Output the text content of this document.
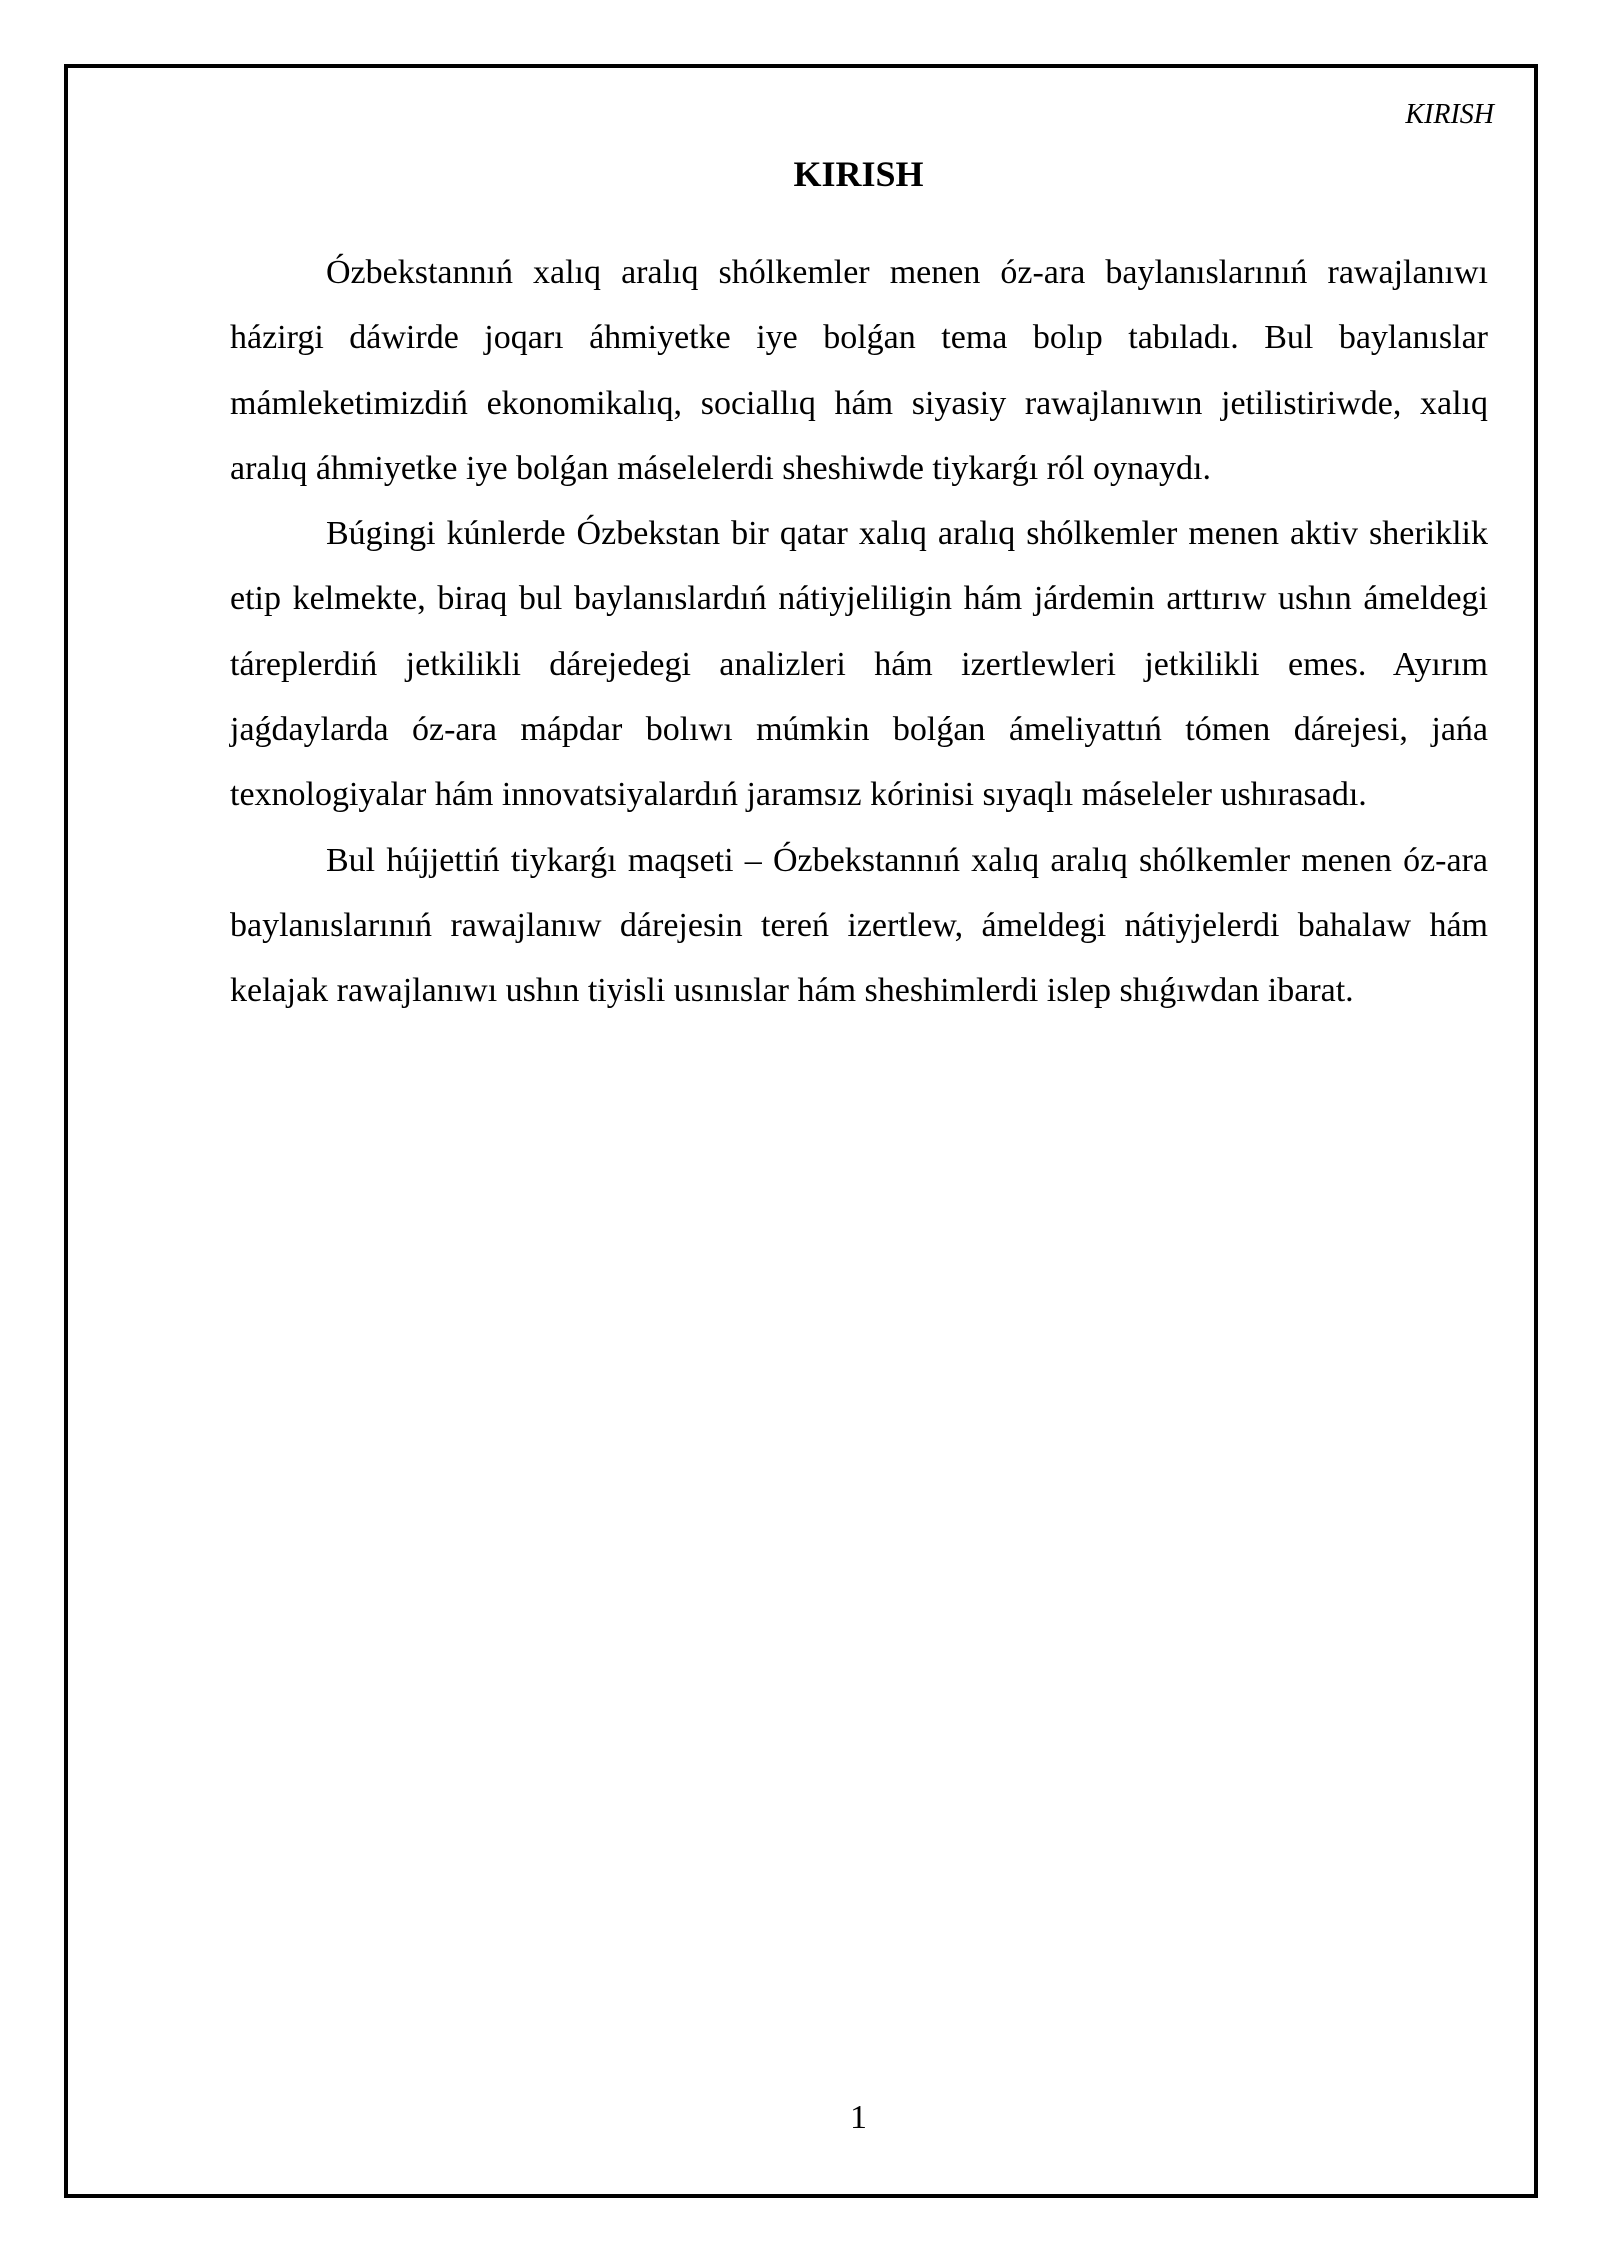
KIRISH
KIRISH

Ózbekstannıń xalıq aralıq shólkemler menen óz-ara baylanıslarınıń rawajlanıwı házirgi dáwirde joqarı áhmiyetke iye bolǵan tema bolıp tabıladı. Bul baylanıslar mámleketimizdiń ekonomikalıq, sociallıq hám siyasiy rawajlanıwın jetilistiriwde, xalıq aralıq áhmiyetke iye bolǵan máselelerdi sheshiwde tiykarǵı ról oynaydı.

Búgingi kúnlerde Ózbekstan bir qatar xalıq aralıq shólkemler menen aktiv sheriklik etip kelmekte, biraq bul baylanıslardıń nátiyjeliligin hám járdemin arttırıw ushın ámeldegi táreplerdiń jetkilikli dárejedegi analizleri hám izertlewleri jetkilikli emes. Ayırım jaǵdaylarda óz-ara mápdar bolıwı múmkin bolǵan ámeliyattıń tómen dárejesi, jańa texnologiyalar hám innovatsiyalardıń jaramsız kórinisi sıyaqlı máseleler ushırasadı.

Bul hújjettiń tiykarǵı maqseti – Ózbekstannıń xalıq aralıq shólkemler menen óz-ara baylanıslarınıń rawajlanıw dárejesin tereń izertlew, ámeldegi nátiyjelerdi bahalaw hám kelajak rawajlanıwı ushın tiyisli usınıslar hám sheshimlerdi islep shıǵıwdan ibarat.

1
